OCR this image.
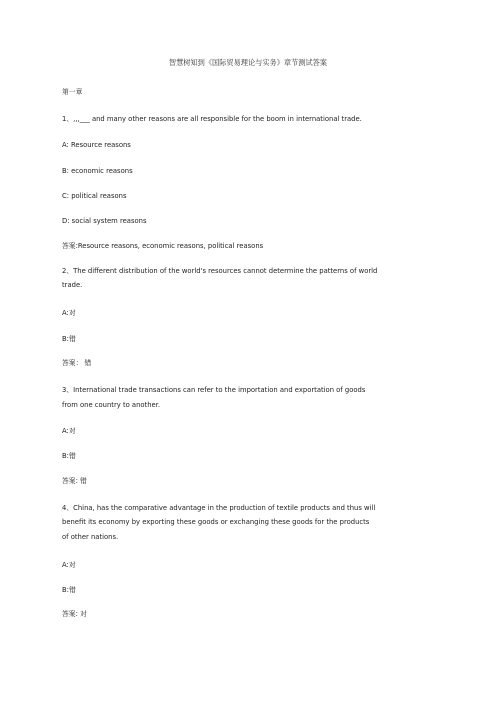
智慧树知到《国际贸易理论与实务》章节测试答案
第一章
1、,,,___ and many other reasons are all responsible for the boom in international trade.
A: Resource reasons
B: economic reasons
C: political reasons
D: social system reasons
答案:Resource reasons, economic reasons, political reasons
2、The different distribution of the world's resources cannot determine the patterns of world
trade.
A:对
B:错
答案： 错
3、International trade transactions can refer to the importation and exportation of goods
from one country to another.
A:对
B:错
答案: 错
4、China, has the comparative advantage in the production of textile products and thus will
benefit its economy by exporting these goods or exchanging these goods for the products
of other nations.
A:对
B:错
答案: 对
